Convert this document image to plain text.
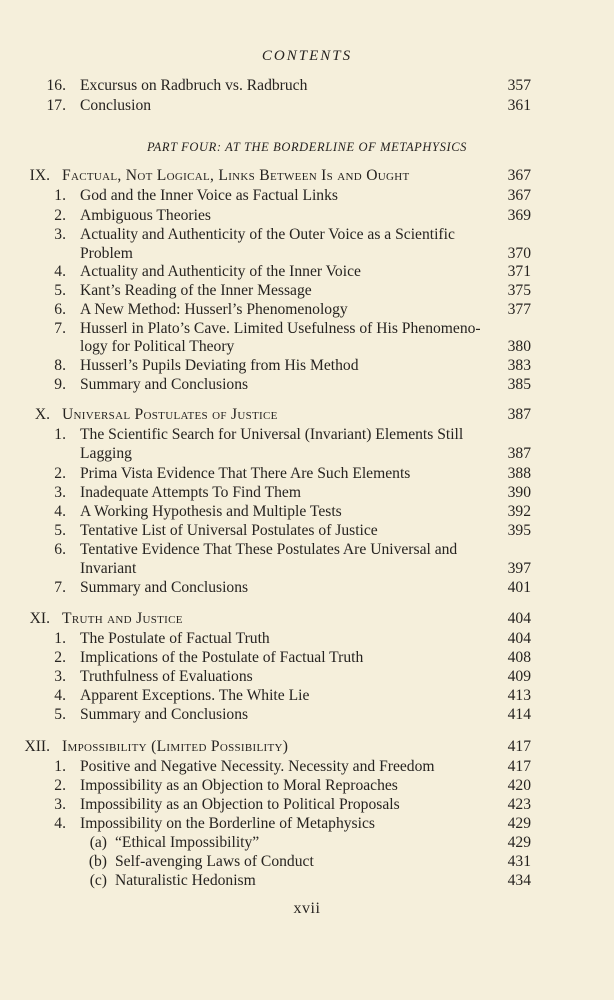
CONTENTS
PART FOUR: AT THE BORDERLINE OF METAPHYSICS
16. Excursus on Radbruch vs. Radbruch	357
17. Conclusion	361
IX. Factual, Not Logical, Links Between Is and Ought	367
1. God and the Inner Voice as Factual Links	367
2. Ambiguous Theories	369
3. Actuality and Authenticity of the Outer Voice as a Scientific
Problem	370
4. Actuality and Authenticity of the Inner Voice	371
5. Kant’s Reading of the Inner Message	375
6. A New Method: Husserl’s Phenomenology	377
7. Husserl in Plato’s Cave. Limited Usefulness of His Phenomeno-
logy for Political Theory	380
8. Husserl’s Pupils Deviating from His Method	383
9. Summary and Conclusions	385
X. Universal Postulates of Justice	387
1. The Scientific Search for Universal (Invariant) Elements Still
Lagging	387
2. Prima Vista Evidence That There Are Such Elements	388
3. Inadequate Attempts To Find Them	390
4. A Working Hypothesis and Multiple Tests	392
5. Tentative List of Universal Postulates of Justice	395
6. Tentative Evidence That These Postulates Are Universal and
Invariant	397
7. Summary and Conclusions	401
XI. Truth and Justice	404
1. The Postulate of Factual Truth	404
2. Implications of the Postulate of Factual Truth	408
3. Truthfulness of Evaluations	409
4. Apparent Exceptions. The White Lie	413
5. Summary and Conclusions	414
XII. Impossibility (Limited Possibility)	417
1. Positive and Negative Necessity. Necessity and Freedom	417
2. Impossibility as an Objection to Moral Reproaches	420
3. Impossibility as an Objection to Political Proposals	423
4. Impossibility on the Borderline of Metaphysics	429
(a) “Ethical Impossibility”	429
(b) Self-avenging Laws of Conduct	431
(c) Naturalistic Hedonism	434
xvii
